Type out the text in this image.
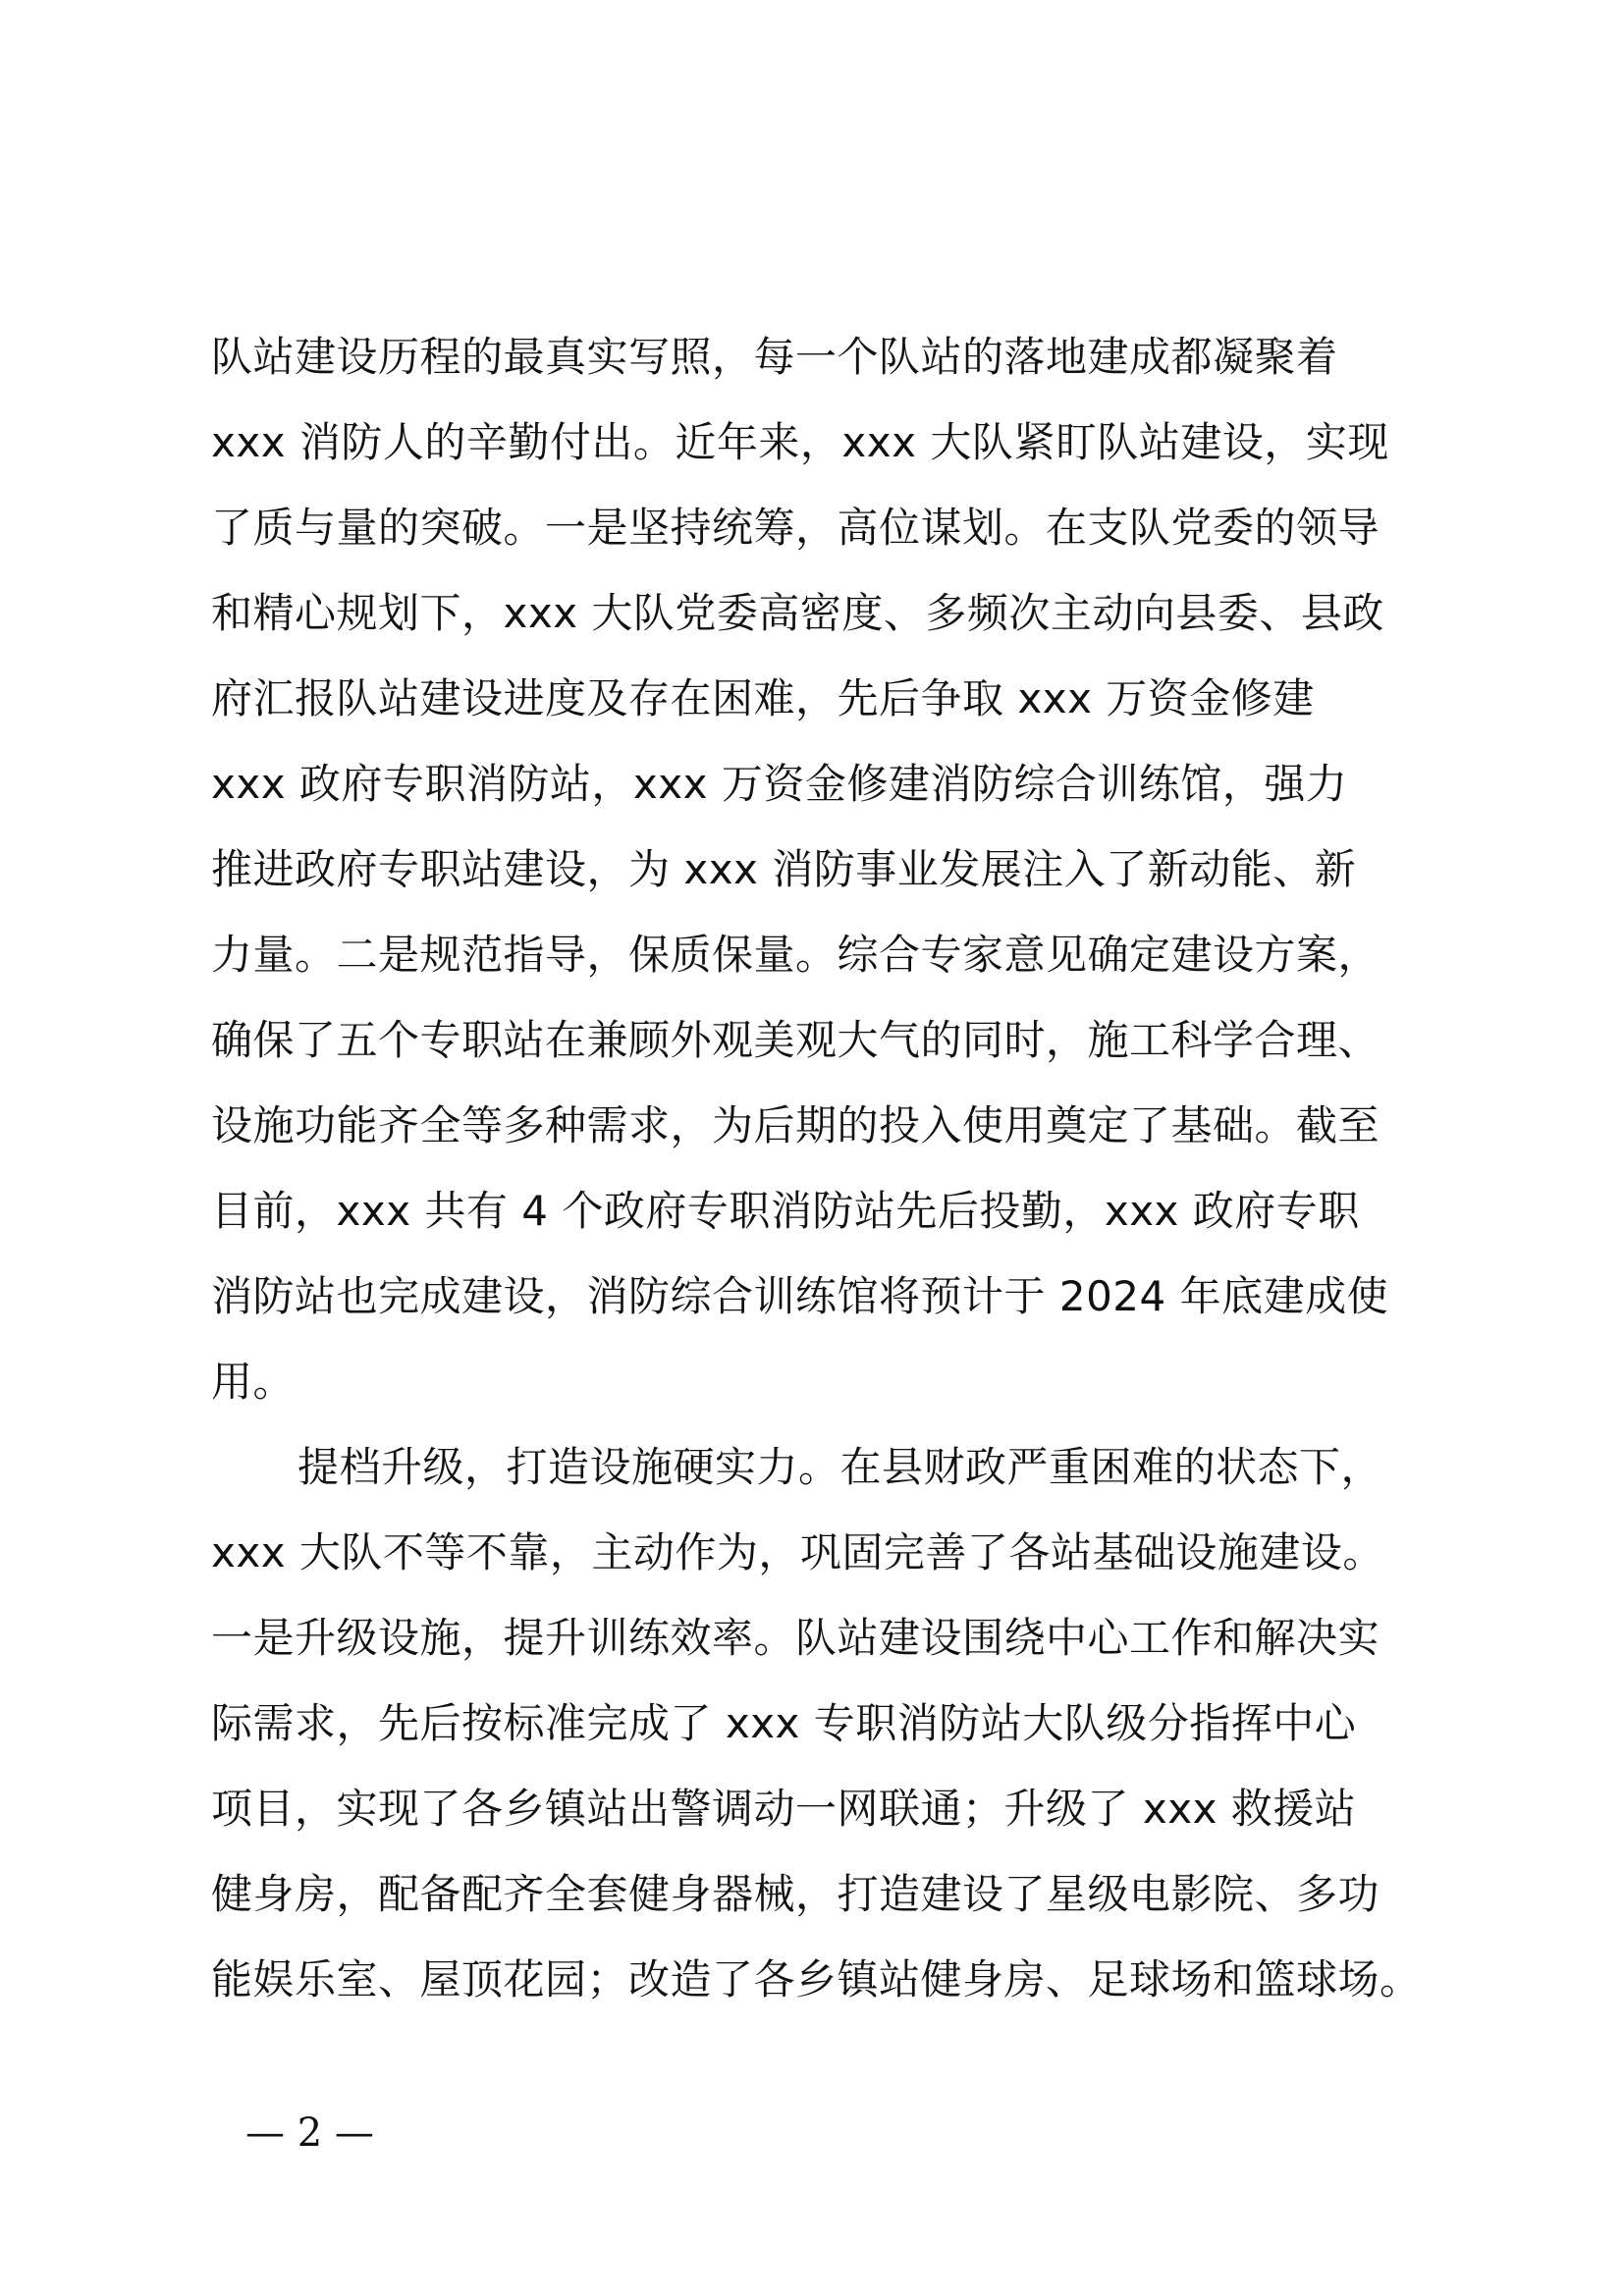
队站建设历程的最真实写照，每一个队站的落地建成都凝聚着
xxx 消防人的辛勤付出。近年来，xxx 大队紧盯队站建设，实现
了质与量的突破。一是坚持统筹，高位谋划。在支队党委的领导
和精心规划下，xxx 大队党委高密度、多频次主动向县委、县政
府汇报队站建设进度及存在困难，先后争取 xxx 万资金修建
xxx 政府专职消防站，xxx 万资金修建消防综合训练馆，强力
推进政府专职站建设，为 xxx 消防事业发展注入了新动能、新
力量。二是规范指导，保质保量。综合专家意见确定建设方案，
确保了五个专职站在兼顾外观美观大气的同时，施工科学合理、
设施功能齐全等多种需求，为后期的投入使用奠定了基础。截至
目前，xxx 共有 4 个政府专职消防站先后投勤，xxx 政府专职
消防站也完成建设，消防综合训练馆将预计于 2024 年底建成使
用。
提档升级，打造设施硬实力。在县财政严重困难的状态下，
xxx 大队不等不靠，主动作为，巩固完善了各站基础设施建设。
一是升级设施，提升训练效率。队站建设围绕中心工作和解决实
际需求，先后按标准完成了 xxx 专职消防站大队级分指挥中心
项目，实现了各乡镇站出警调动一网联通；升级了 xxx 救援站
健身房，配备配齐全套健身器械，打造建设了星级电影院、多功
能娱乐室、屋顶花园；改造了各乡镇站健身房、足球场和篮球场。
— 2 —
